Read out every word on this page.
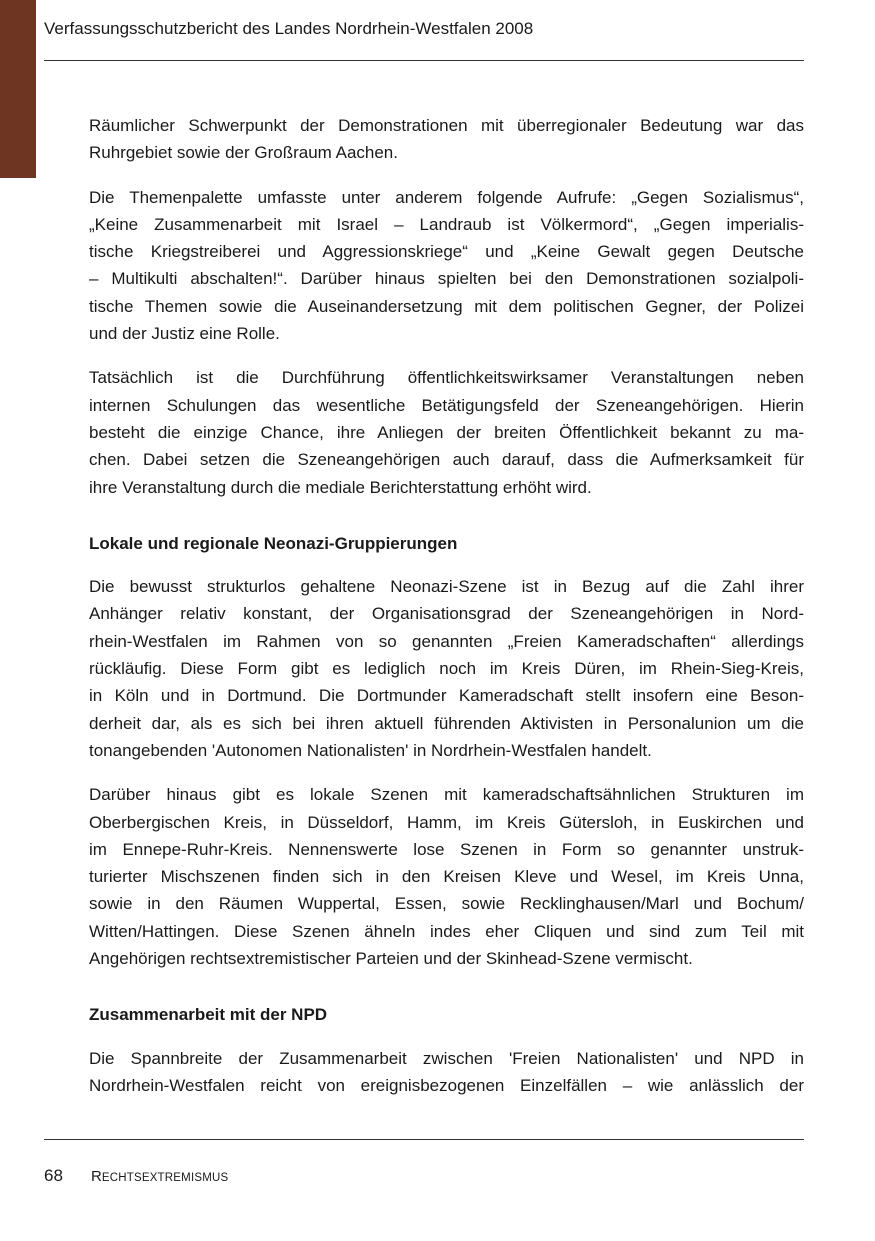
Verfassungsschutzbericht des Landes Nordrhein-Westfalen 2008
Räumlicher Schwerpunkt der Demonstrationen mit überregionaler Bedeutung war das
Ruhrgebiet sowie der Großraum Aachen.
Die Themenpalette umfasste unter anderem folgende Aufrufe: „Gegen Sozialismus“,
„Keine Zusammenarbeit mit Israel – Landraub ist Völkermord“, „Gegen imperialis-
tische Kriegstreiberei und Aggressionskriege“ und „Keine Gewalt gegen Deutsche
– Multikulti abschalten!“. Darüber hinaus spielten bei den Demonstrationen sozialpoli-
tische Themen sowie die Auseinandersetzung mit dem politischen Gegner, der Polizei
und der Justiz eine Rolle.
Tatsächlich ist die Durchführung öffentlichkeitswirksamer Veranstaltungen neben
internen Schulungen das wesentliche Betätigungsfeld der Szeneangehörigen. Hierin
besteht die einzige Chance, ihre Anliegen der breiten Öffentlichkeit bekannt zu ma-
chen. Dabei setzen die Szeneangehörigen auch darauf, dass die Aufmerksamkeit für
ihre Veranstaltung durch die mediale Berichterstattung erhöht wird.
Lokale und regionale Neonazi-Gruppierungen
Die bewusst strukturlos gehaltene Neonazi-Szene ist in Bezug auf die Zahl ihrer
Anhänger relativ konstant, der Organisationsgrad der Szeneangehörigen in Nord-
rhein-Westfalen im Rahmen von so genannten „Freien Kameradschaften“ allerdings
rückläufig. Diese Form gibt es lediglich noch im Kreis Düren, im Rhein-Sieg-Kreis,
in Köln und in Dortmund. Die Dortmunder Kameradschaft stellt insofern eine Beson-
derheit dar, als es sich bei ihren aktuell führenden Aktivisten in Personalunion um die
tonangebenden 'Autonomen Nationalisten' in Nordrhein-Westfalen handelt.
Darüber hinaus gibt es lokale Szenen mit kameradschaftsähnlichen Strukturen im
Oberbergischen Kreis, in Düsseldorf, Hamm, im Kreis Gütersloh, in Euskirchen und
im Ennepe-Ruhr-Kreis. Nennenswerte lose Szenen in Form so genannter unstruk-
turierter Mischszenen finden sich in den Kreisen Kleve und Wesel, im Kreis Unna,
sowie in den Räumen Wuppertal, Essen, sowie Recklinghausen/Marl und Bochum/
Witten/Hattingen. Diese Szenen ähneln indes eher Cliquen und sind zum Teil mit
Angehörigen rechtsextremistischer Parteien und der Skinhead-Szene vermischt.
Zusammenarbeit mit der NPD
Die Spannbreite der Zusammenarbeit zwischen 'Freien Nationalisten' und NPD in
Nordrhein-Westfalen reicht von ereignisbezogenen Einzelfällen – wie anlässlich der
68 RECHTSEXTREMISMUS
